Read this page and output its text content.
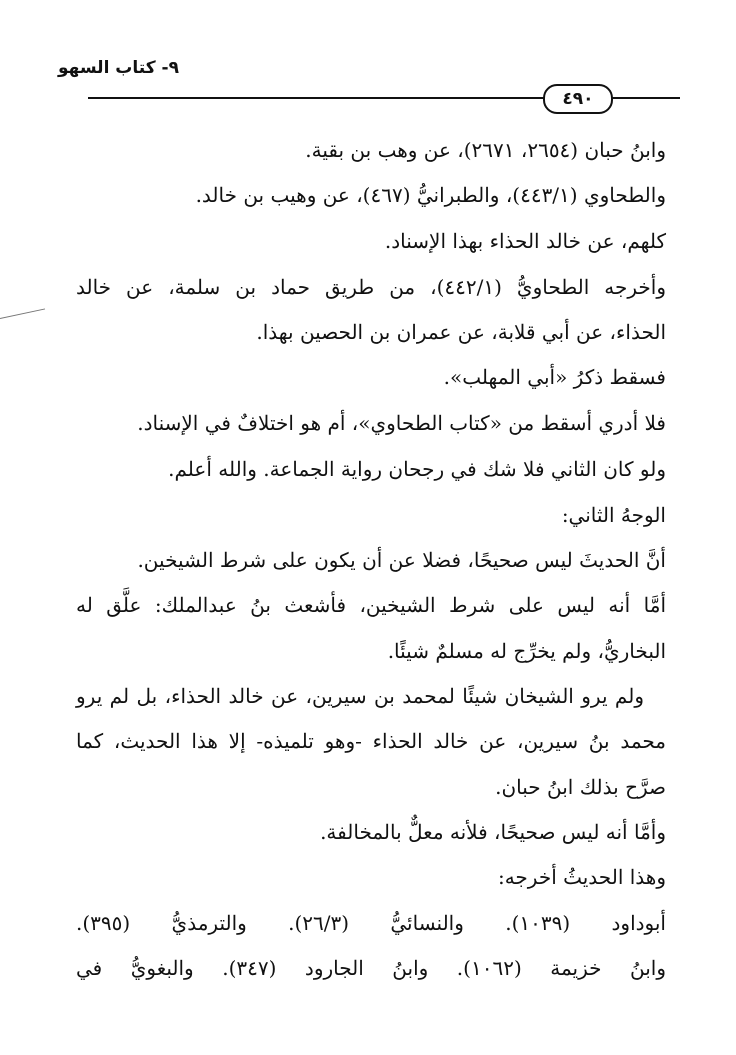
٩- كتاب السهو
٤٩٠
وابنُ حبان (٢٦٥٤، ٢٦٧١)، عن وهب بن بقية.
والطحاوي (٤٤٣/١)، والطبرانيُّ (٤٦٧)، عن وهيب بن خالد.
كلهم، عن خالد الحذاء بهذا الإسناد.
وأخرجه الطحاويُّ (٤٤٢/١)، من طريق حماد بن سلمة، عن خالد
الحذاء، عن أبي قلابة، عن عمران بن الحصين بهذا.
فسقط ذكرُ «أبي المهلب».
فلا أدري أسقط من «كتاب الطحاوي»، أم هو اختلافٌ في الإسناد.
ولو كان الثاني فلا شك في رجحان رواية الجماعة. والله أعلم.
الوجهُ الثاني:
أنَّ الحديثَ ليس صحيحًا، فضلا عن أن يكون على شرط الشيخين.
أمَّا أنه ليس على شرط الشيخين، فأشعث بنُ عبدالملك: علَّق له
البخاريُّ، ولم يخرِّج له مسلمٌ شيئًا.
ولم يرو الشيخان شيئًا لمحمد بن سيرين، عن خالد الحذاء، بل لم يرو
محمد بنُ سيرين، عن خالد الحذاء -وهو تلميذه- إلا هذا الحديث، كما
صرَّح بذلك ابنُ حبان.
وأمَّا أنه ليس صحيحًا، فلأنه معلٌّ بالمخالفة.
وهذا الحديثُ أخرجه:
أبوداود (١٠٣٩). والنسائيُّ (٢٦/٣). والترمذيُّ (٣٩٥).
وابنُ خزيمة (١٠٦٢). وابنُ الجارود (٣٤٧). والبغويُّ في
